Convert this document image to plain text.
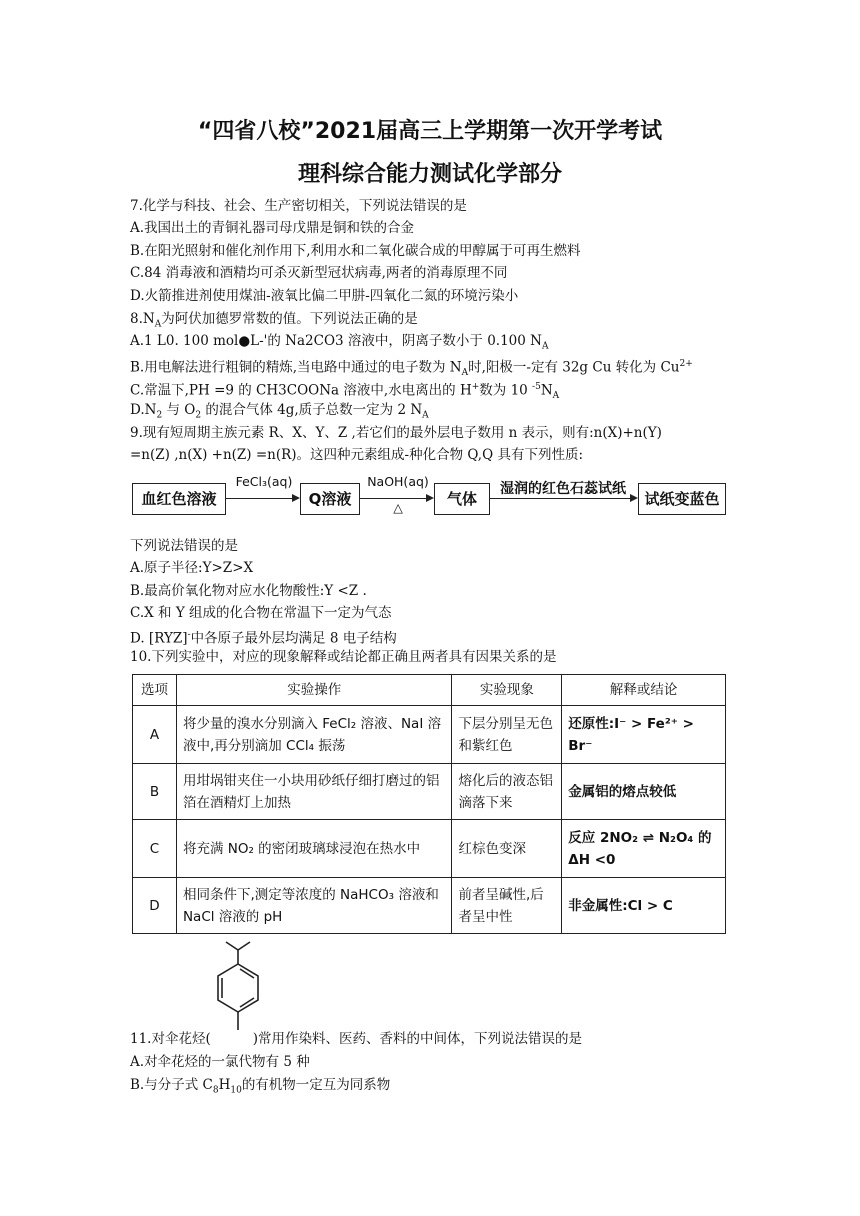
“四省八校”2021届高三上学期第一次开学考试
理科综合能力测试化学部分
7.化学与科技、社会、生产密切相关，下列说法错误的是
A.我国出土的青铜礼器司母戊鼎是铜和铁的合金
B.在阳光照射和催化剂作用下,利用水和二氧化碳合成的甲醇属于可再生燃料
C.84 消毒液和酒精均可杀灭新型冠状病毒,两者的消毒原理不同
D.火箭推进剂使用煤油-液氧比偏二甲肼-四氧化二氮的环境污染小
$8.N_A$为阿伏加德罗常数的值。下列说法正确的是
A.1 L0. 100 mol●L-'的 Na2CO3 溶液中，阴离子数小于 0.100 $N_A$
B.用电解法进行粗铜的精炼,当电路中通过的电子数为 $N_A$时,阳极一-定有 32g Cu 转化为 $Cu^{2+}$
C.常温下,PH =9 的 CH3COONa 溶液中,水电离出的 H+数为 10 $^{-5}N_A$
$D.N_2$ 与 $O_2$ 的混合气体 4g,质子总数一定为 2 $N_A$
9.现有短周期主族元素 R、X、Y、Z ,若它们的最外层电子数用 n 表示，则有:n(X)+n(Y)
=n(Z) ,n(X) +n(Z) =n(R)。这四种元素组成-种化合物 Q,Q 具有下列性质:
血红色溶液
FeCl₃(aq)
Q溶液
NaOH(aq)
△	气体
湿润的红色石蕊试纸
试纸变蓝色
下列说法错误的是
A.原子半径:Y>Z>X
B.最高价氧化物对应水化物酸性:Y <Z .
C.X 和 Y 组成的化合物在常温下一定为气态
D. [RYZ]-中各原子最外层均满足 8 电子结构
10.下列实验中，对应的现象解释或结论都正确且两者具有因果关系的是
选项	实验操作	实验现象	解释或结论
A	将少量的溴水分别滴入 FeCl₂ 溶液、NaI 溶液中,再分别滴加 CCl₄ 振荡	下层分别呈无色和紫红色	还原性:I⁻ > Fe²⁺ > Br⁻
B	用坩埚钳夹住一小块用砂纸仔细打磨过的铝箔在酒精灯上加热	熔化后的液态铝滴落下来	金属铝的熔点较低
C	将充满 NO₂ 的密闭玻璃球浸泡在热水中	红棕色变深	反应 2NO₂ ⇌ N₂O₄ 的 ΔH <0
D	相同条件下,测定等浓度的 NaHCO₃ 溶液和 NaCl 溶液的 pH	前者呈碱性,后者呈中性	非金属性:Cl > C
11.对伞花烃(	)常用作染料、医药、香料的中间体，下列说法错误的是
A.对伞花烃的一氯代物有 5 种
B.与分子式 $C_8H_{10}$的有机物一定互为同系物
